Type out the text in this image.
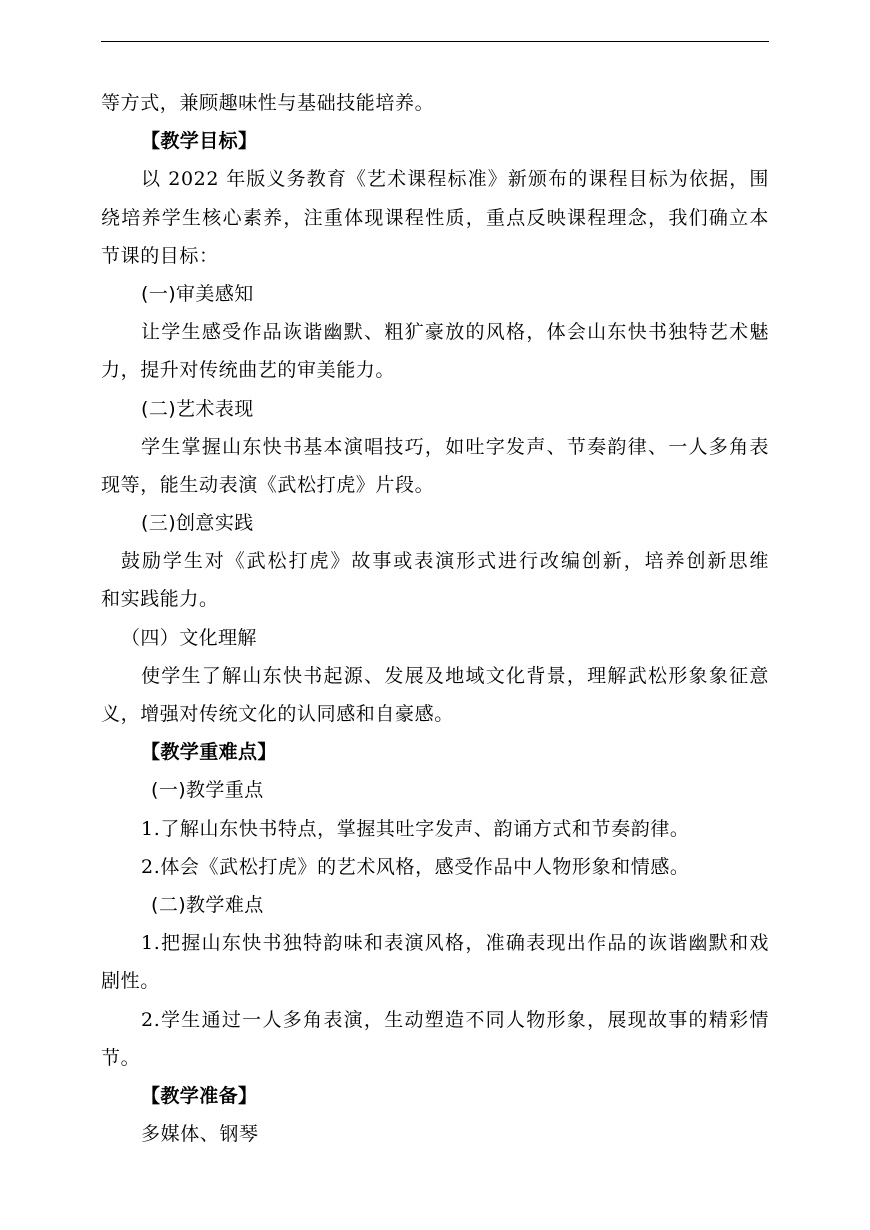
等方式，兼顾趣味性与基础技能培养。
【教学目标】
以 2022 年版义务教育《艺术课程标准》新颁布的课程目标为依据，围
绕培养学生核心素养，注重体现课程性质，重点反映课程理念，我们确立本
节课的目标：
(一)审美感知
让学生感受作品诙谐幽默、粗犷豪放的风格，体会山东快书独特艺术魅
力，提升对传统曲艺的审美能力。
(二)艺术表现
学生掌握山东快书基本演唱技巧，如吐字发声、节奏韵律、一人多角表
现等，能生动表演《武松打虎》片段。
(三)创意实践
鼓励学生对《武松打虎》故事或表演形式进行改编创新，培养创新思维
和实践能力。
（四）文化理解
使学生了解山东快书起源、发展及地域文化背景，理解武松形象象征意
义，增强对传统文化的认同感和自豪感。
【教学重难点】
(一)教学重点
1.了解山东快书特点，掌握其吐字发声、韵诵方式和节奏韵律。
2.体会《武松打虎》的艺术风格，感受作品中人物形象和情感。
(二)教学难点
1.把握山东快书独特韵味和表演风格，准确表现出作品的诙谐幽默和戏
剧性。
2.学生通过一人多角表演，生动塑造不同人物形象，展现故事的精彩情
节。
【教学准备】
多媒体、钢琴
